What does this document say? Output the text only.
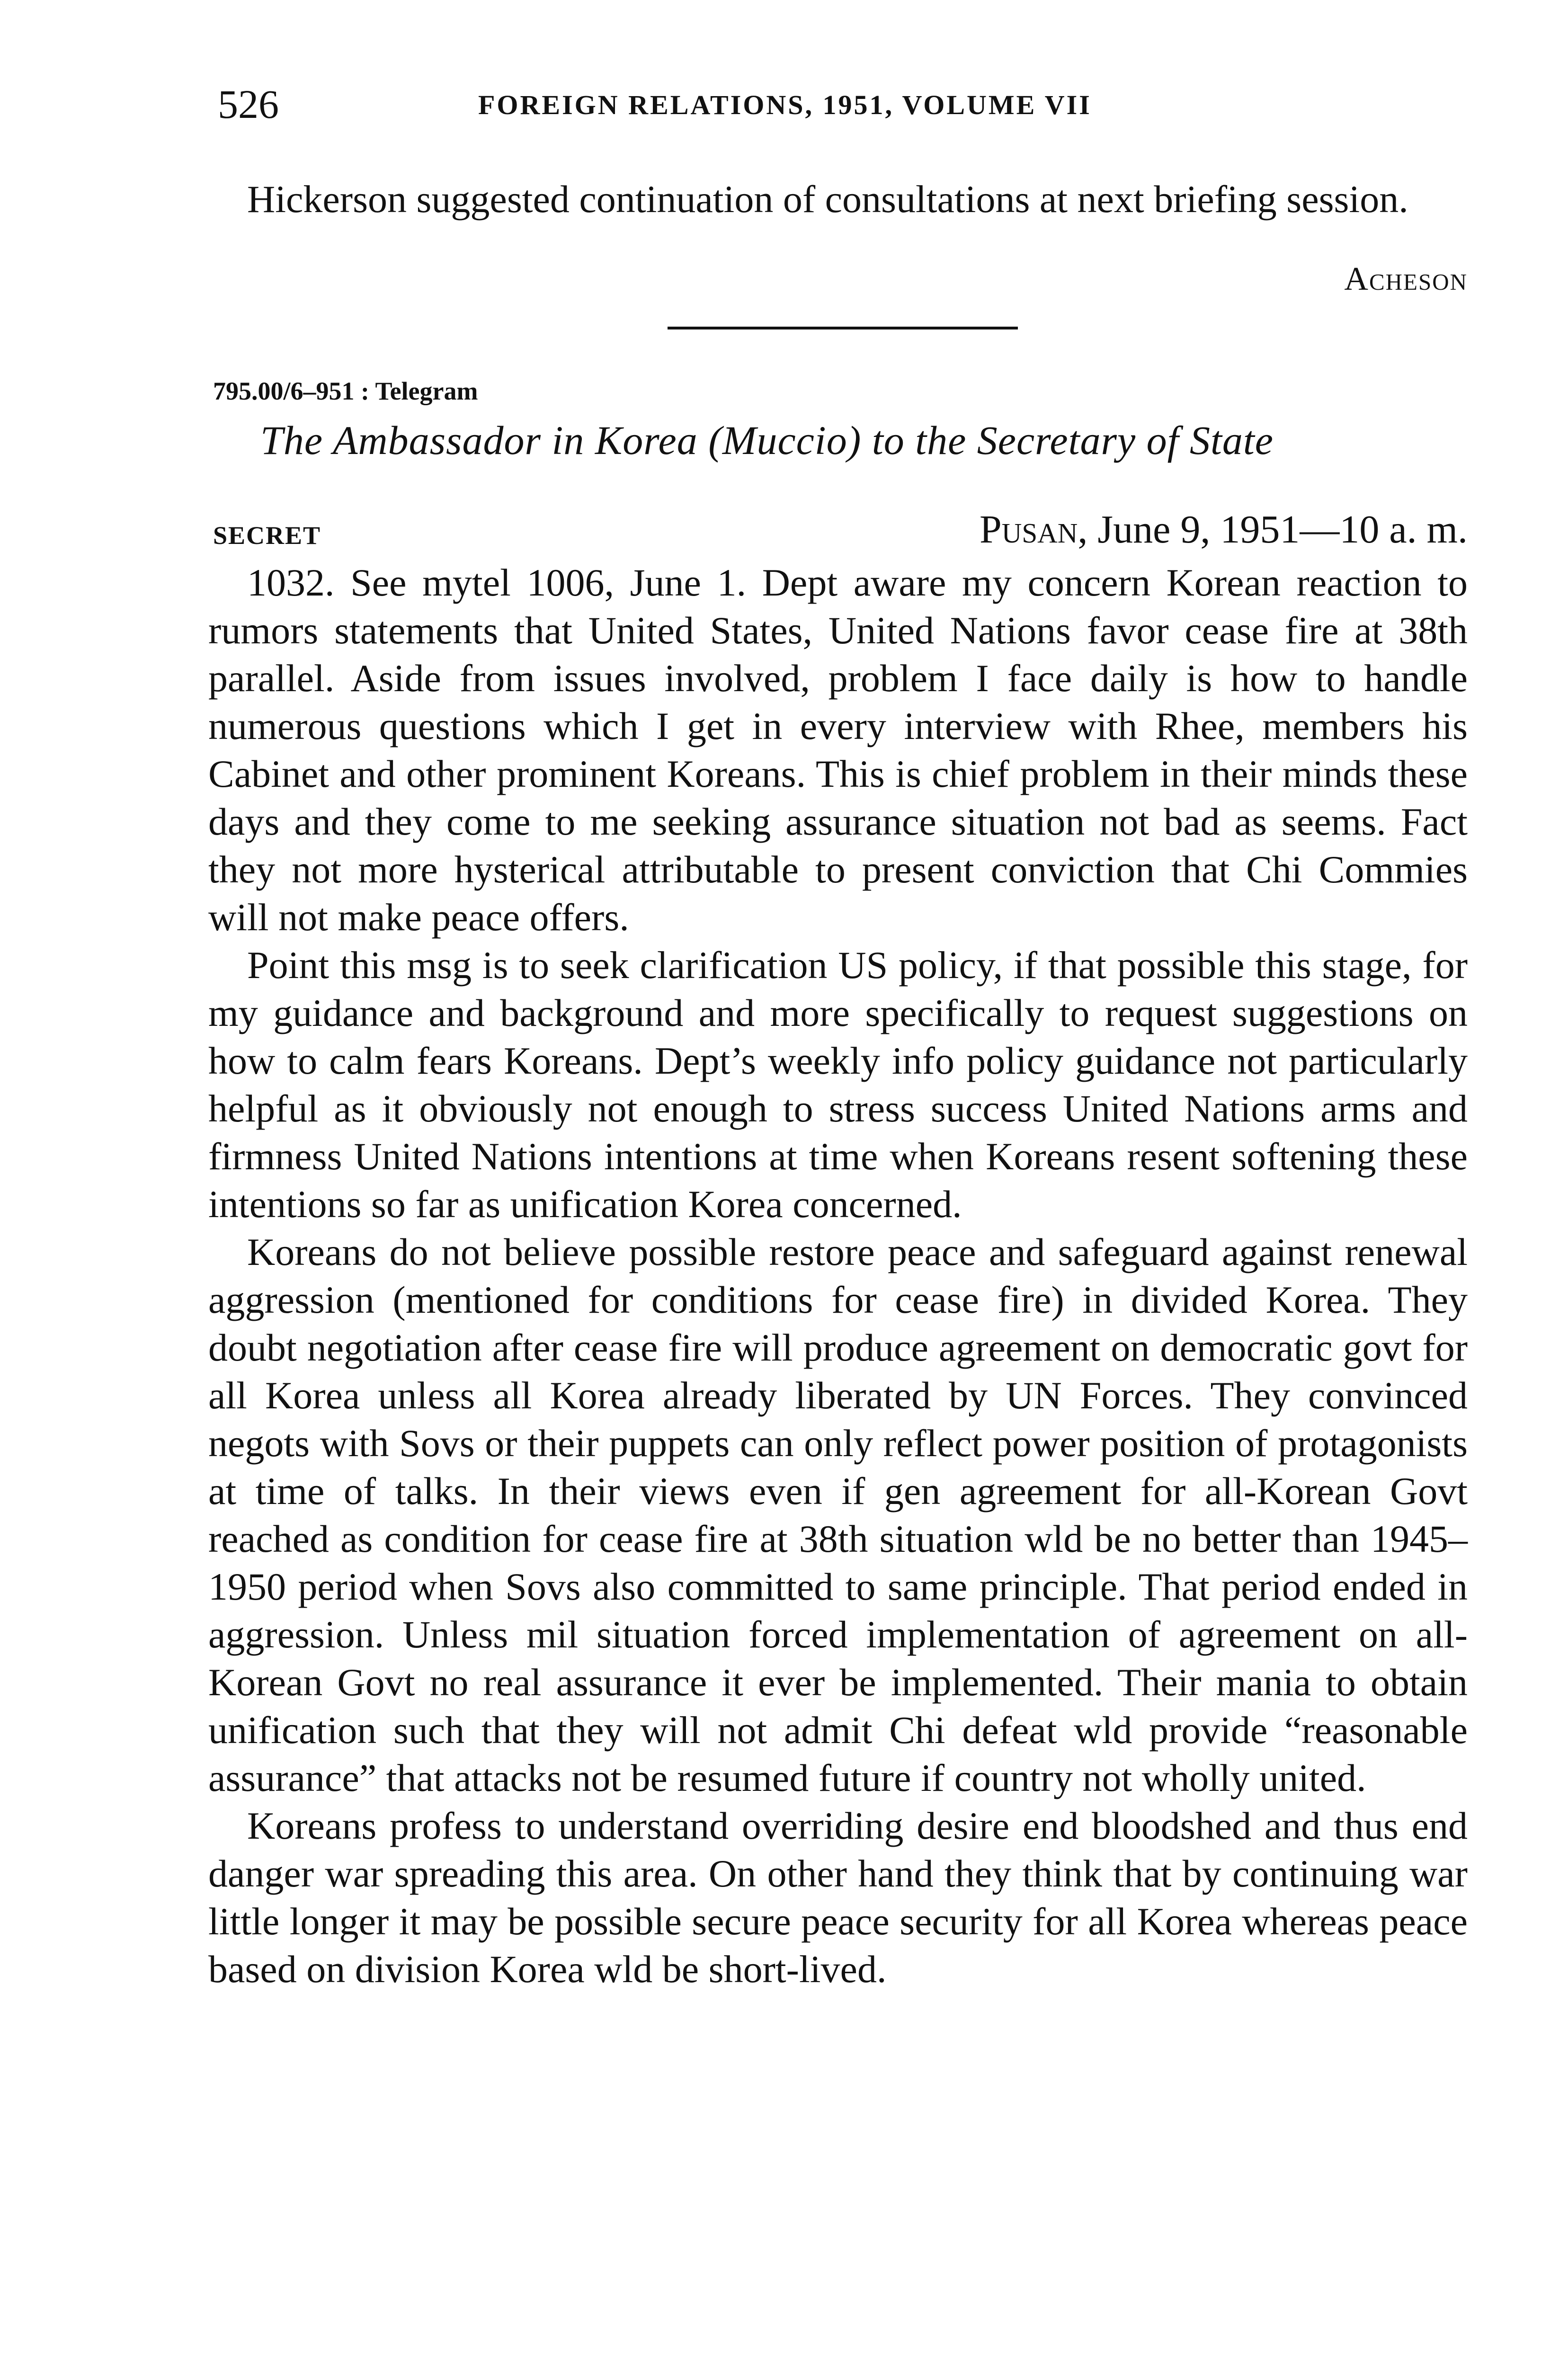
526	FOREIGN RELATIONS, 1951, VOLUME VII

Hickerson suggested continuation of consultations at next briefing session.

Acheson
795.00/6–951 : Telegram
The Ambassador in Korea (Muccio) to the Secretary of State
SECRET	Pusan, June 9, 1951—10 a. m.

1032. See mytel 1006, June 1. Dept aware my concern Korean reaction to rumors statements that United States, United Nations favor cease fire at 38th parallel. Aside from issues involved, problem I face daily is how to handle numerous questions which I get in every interview with Rhee, members his Cabinet and other prominent Koreans. This is chief problem in their minds these days and they come to me seeking assurance situation not bad as seems. Fact they not more hysterical attributable to present conviction that Chi Commies will not make peace offers.

Point this msg is to seek clarification US policy, if that possible this stage, for my guidance and background and more specifically to request suggestions on how to calm fears Koreans. Dept’s weekly info policy guidance not particularly helpful as it obviously not enough to stress success United Nations arms and firmness United Nations intentions at time when Koreans resent softening these intentions so far as unification Korea concerned.

Koreans do not believe possible restore peace and safeguard against renewal aggression (mentioned for conditions for cease fire) in divided Korea. They doubt negotiation after cease fire will produce agreement on democratic govt for all Korea unless all Korea already liberated by UN Forces. They convinced negots with Sovs or their puppets can only reflect power position of protagonists at time of talks. In their views even if gen agreement for all-Korean Govt reached as condition for cease fire at 38th situation wld be no better than 1945–1950 period when Sovs also committed to same principle. That period ended in aggression. Unless mil situation forced implementation of agreement on all-Korean Govt no real assurance it ever be implemented. Their mania to obtain unification such that they will not admit Chi defeat wld provide “reasonable assurance” that attacks not be resumed future if country not wholly united.

Koreans profess to understand overriding desire end bloodshed and thus end danger war spreading this area. On other hand they think that by continuing war little longer it may be possible secure peace security for all Korea whereas peace based on division Korea wld be short-lived.
